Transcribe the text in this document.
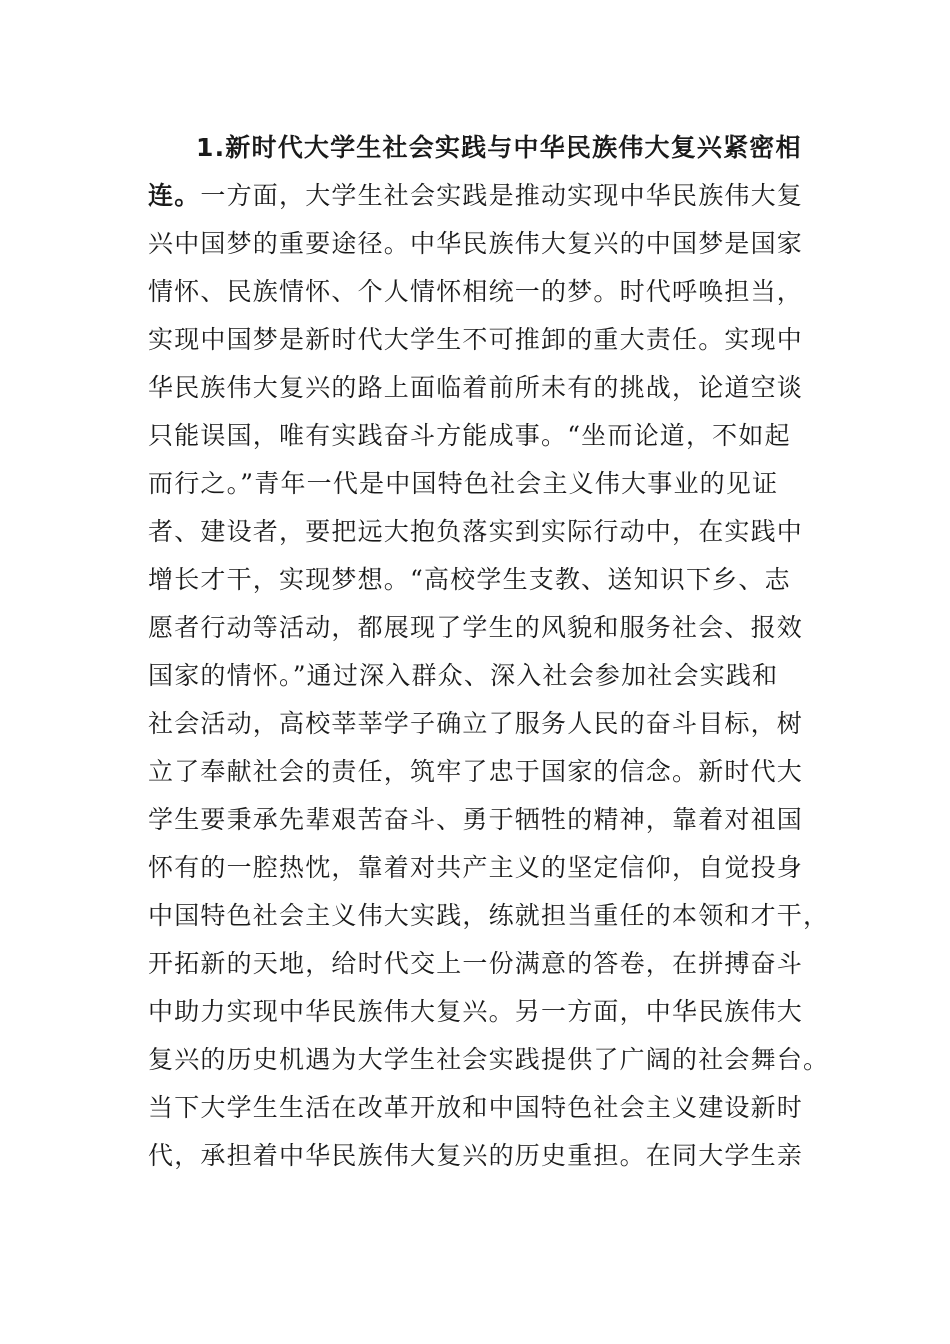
1.新时代大学生社会实践与中华民族伟大复兴紧密相
连。一方面，大学生社会实践是推动实现中华民族伟大复
兴中国梦的重要途径。中华民族伟大复兴的中国梦是国家
情怀、民族情怀、个人情怀相统一的梦。时代呼唤担当，
实现中国梦是新时代大学生不可推卸的重大责任。实现中
华民族伟大复兴的路上面临着前所未有的挑战，论道空谈
只能误国，唯有实践奋斗方能成事。“坐而论道，不如起
而行之。”青年一代是中国特色社会主义伟大事业的见证
者、建设者，要把远大抱负落实到实际行动中，在实践中
增长才干，实现梦想。“高校学生支教、送知识下乡、志
愿者行动等活动，都展现了学生的风貌和服务社会、报效
国家的情怀。”通过深入群众、深入社会参加社会实践和
社会活动，高校莘莘学子确立了服务人民的奋斗目标，树
立了奉献社会的责任，筑牢了忠于国家的信念。新时代大
学生要秉承先辈艰苦奋斗、勇于牺牲的精神，靠着对祖国
怀有的一腔热忱，靠着对共产主义的坚定信仰，自觉投身
中国特色社会主义伟大实践，练就担当重任的本领和才干，
开拓新的天地，给时代交上一份满意的答卷，在拼搏奋斗
中助力实现中华民族伟大复兴。另一方面，中华民族伟大
复兴的历史机遇为大学生社会实践提供了广阔的社会舞台。
当下大学生生活在改革开放和中国特色社会主义建设新时
代，承担着中华民族伟大复兴的历史重担。在同大学生亲
